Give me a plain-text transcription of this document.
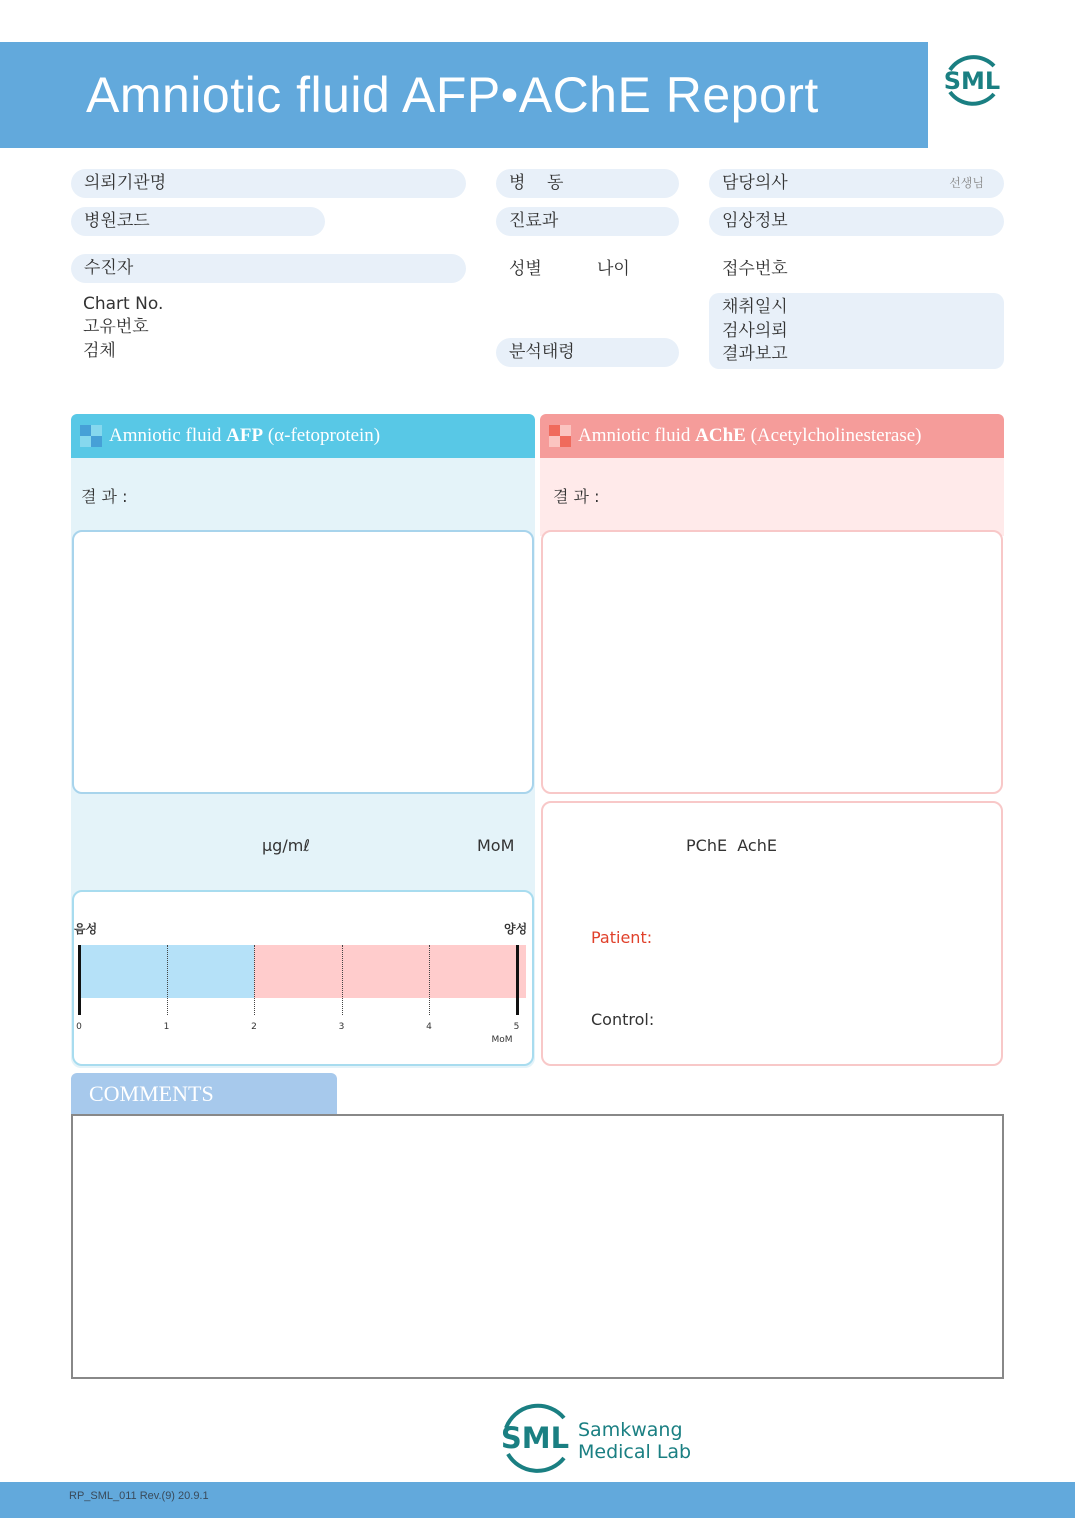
Amniotic fluid AFP•AChE Report	SML
의뢰기관명	병    동	담당의사	선생님
병원코드	진료과	임상정보
수진자	성별	나이	접수번호
Chart No.
고유번호
검체	분석태령
채취일시
검사의뢰
결과보고
Amniotic fluid AFP (α-fetoprotein)
결 과 :
μg/mℓ	MoM
음성	양성
0	1	2	3	4	5
MoM
Amniotic fluid AChE (Acetylcholinesterase)
결 과 :
PChE  AchE
Patient:
Control:
COMMENTS
SML Samkwang
Medical Lab
RP_SML_011 Rev.(9) 20.9.1
